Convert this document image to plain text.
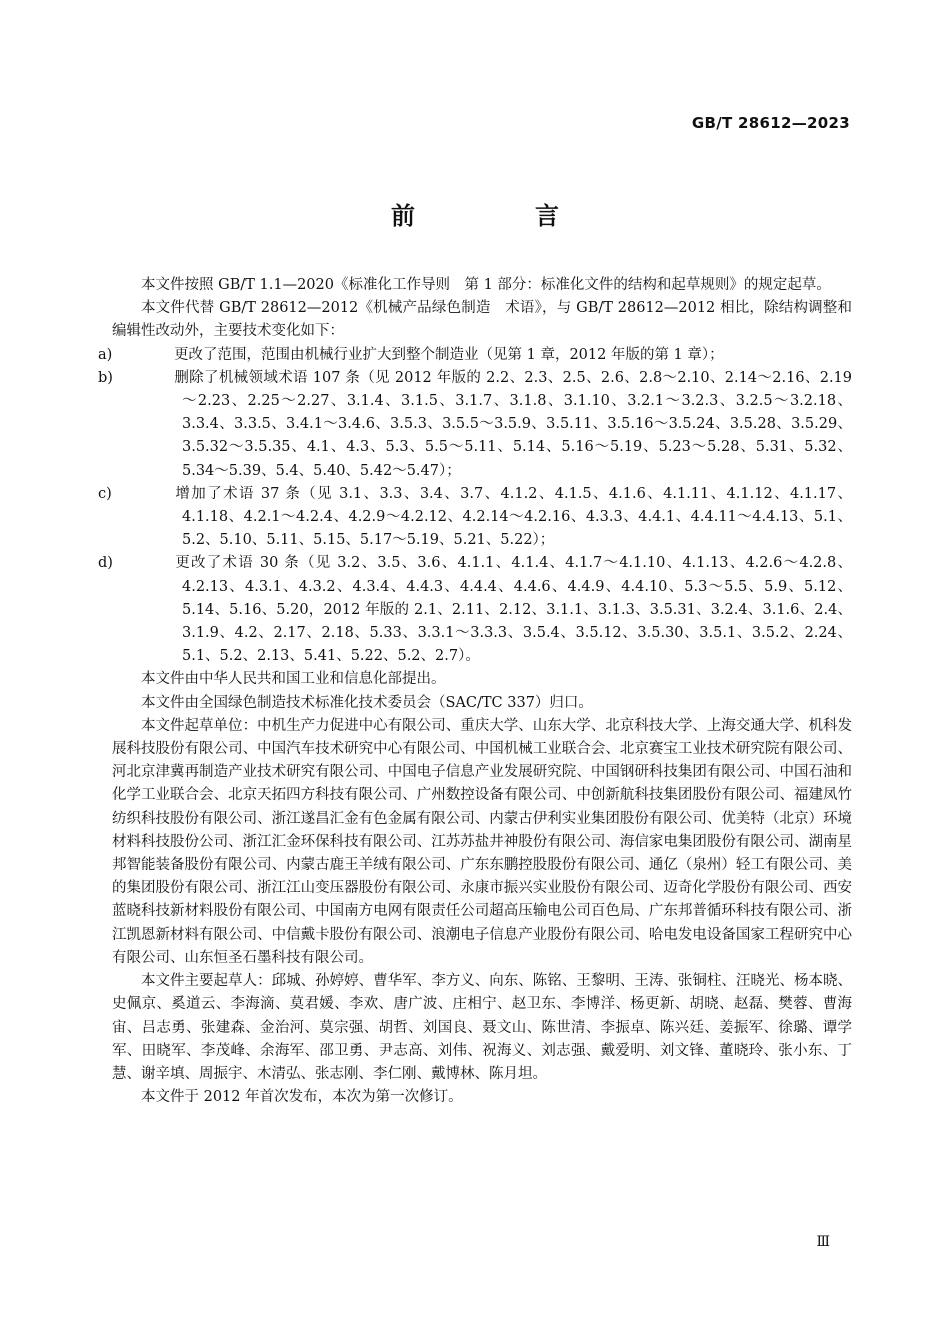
GB/T 28612—2023
前　言

本文件按照 GB/T 1.1—2020《标准化工作导则　第 1 部分：标准化文件的结构和起草规则》的规定起草。

本文件代替 GB/T 28612—2012《机械产品绿色制造　术语》，与 GB/T 28612—2012 相比，除结构调整和编辑性改动外，主要技术变化如下：

a)	更改了范围，范围由机械行业扩大到整个制造业（见第 1 章，2012 年版的第 1 章）；

b)	删除了机械领域术语 107 条（见 2012 年版的 2.2、2.3、2.5、2.6、2.8～2.10、2.14～2.16、2.19～2.23、2.25～2.27、3.1.4、3.1.5、3.1.7、3.1.8、3.1.10、3.2.1～3.2.3、3.2.5～3.2.18、3.3.4、3.3.5、3.4.1～3.4.6、3.5.3、3.5.5～3.5.9、3.5.11、3.5.16～3.5.24、3.5.28、3.5.29、3.5.32～3.5.35、4.1、4.3、5.3、5.5～5.11、5.14、5.16～5.19、5.23～5.28、5.31、5.32、5.34～5.39、5.4、5.40、5.42～5.47）；

c)	增加了术语 37 条（见 3.1、3.3、3.4、3.7、4.1.2、4.1.5、4.1.6、4.1.11、4.1.12、4.1.17、4.1.18、4.2.1～4.2.4、4.2.9～4.2.12、4.2.14～4.2.16、4.3.3、4.4.1、4.4.11～4.4.13、5.1、5.2、5.10、5.11、5.15、5.17～5.19、5.21、5.22）；

d)	更改了术语 30 条（见 3.2、3.5、3.6、4.1.1、4.1.4、4.1.7～4.1.10、4.1.13、4.2.6～4.2.8、4.2.13、4.3.1、4.3.2、4.3.4、4.4.3、4.4.4、4.4.6、4.4.9、4.4.10、5.3～5.5、5.9、5.12、5.14、5.16、5.20，2012 年版的 2.1、2.11、2.12、3.1.1、3.1.3、3.5.31、3.2.4、3.1.6、2.4、3.1.9、4.2、2.17、2.18、5.33、3.3.1～3.3.3、3.5.4、3.5.12、3.5.30、3.5.1、3.5.2、2.24、5.1、5.2、2.13、5.41、5.22、5.2、2.7）。

本文件由中华人民共和国工业和信息化部提出。

本文件由全国绿色制造技术标准化技术委员会（SAC/TC 337）归口。

本文件起草单位：中机生产力促进中心有限公司、重庆大学、山东大学、北京科技大学、上海交通大学、机科发展科技股份有限公司、中国汽车技术研究中心有限公司、中国机械工业联合会、北京赛宝工业技术研究院有限公司、河北京津冀再制造产业技术研究有限公司、中国电子信息产业发展研究院、中国钢研科技集团有限公司、中国石油和化学工业联合会、北京天拓四方科技有限公司、广州数控设备有限公司、中创新航科技集团股份有限公司、福建凤竹纺织科技股份有限公司、浙江遂昌汇金有色金属有限公司、内蒙古伊利实业集团股份有限公司、优美特（北京）环境材料科技股份公司、浙江汇金环保科技有限公司、江苏苏盐井神股份有限公司、海信家电集团股份有限公司、湖南星邦智能装备股份有限公司、内蒙古鹿王羊绒有限公司、广东东鹏控股股份有限公司、通亿（泉州）轻工有限公司、美的集团股份有限公司、浙江江山变压器股份有限公司、永康市振兴实业股份有限公司、迈奇化学股份有限公司、西安蓝晓科技新材料股份有限公司、中国南方电网有限责任公司超高压输电公司百色局、广东邦普循环科技有限公司、浙江凯恩新材料有限公司、中信戴卡股份有限公司、浪潮电子信息产业股份有限公司、哈电发电设备国家工程研究中心有限公司、山东恒圣石墨科技有限公司。

本文件主要起草人：邱城、孙婷婷、曹华军、李方义、向东、陈铭、王黎明、王涛、张铜柱、汪晓光、杨本晓、史佩京、奚道云、李海滴、莫君媛、李欢、唐广波、庄相宁、赵卫东、李博洋、杨更新、胡晓、赵磊、樊蓉、曹海宙、吕志勇、张建森、金治河、莫宗强、胡哲、刘国良、聂文山、陈世清、李振卓、陈兴廷、姜振军、徐璐、谭学军、田晓军、李茂峰、余海军、邵卫勇、尹志高、刘伟、祝海义、刘志强、戴爱明、刘文锋、董晓玲、张小东、丁慧、谢辛填、周振宇、木清弘、张志刚、李仁刚、戴博林、陈月坦。

本文件于 2012 年首次发布，本次为第一次修订。

Ⅲ
